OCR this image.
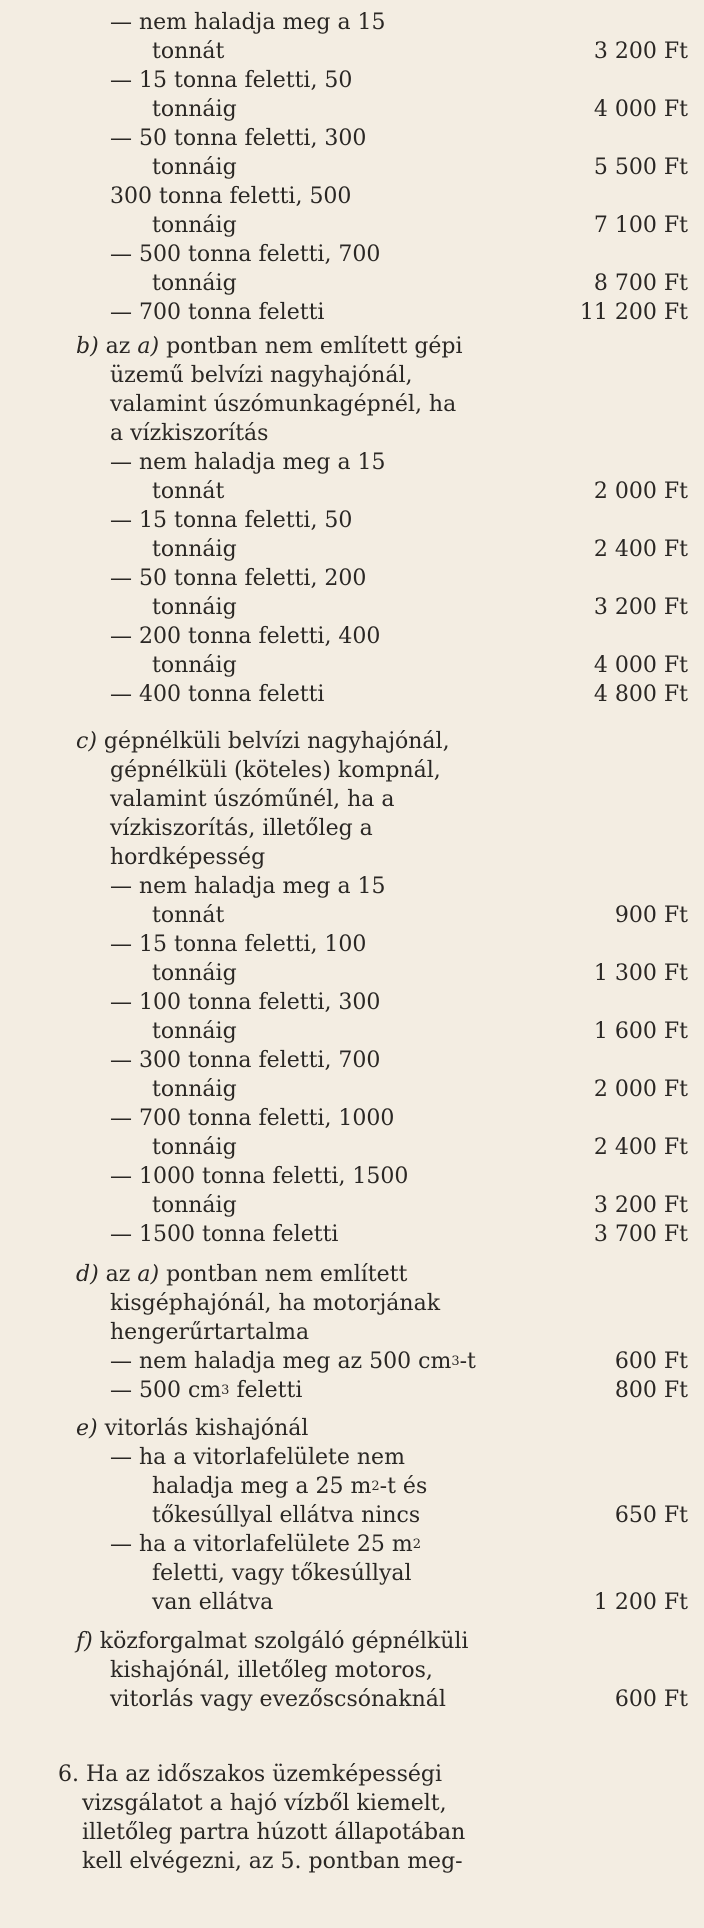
— nem haladja meg a 15
tonnát	3 200 Ft
— 15 tonna feletti, 50
tonnáig	4 000 Ft
— 50 tonna feletti, 300
tonnáig	5 500 Ft
300 tonna feletti, 500
tonnáig	7 100 Ft
— 500 tonna feletti, 700
tonnáig	8 700 Ft
— 700 tonna feletti	11 200 Ft
b) az a) pontban nem említett gépi
üzemű belvízi nagyhajónál,
valamint úszómunkagépnél, ha
a vízkiszorítás
— nem haladja meg a 15
tonnát	2 000 Ft
— 15 tonna feletti, 50
tonnáig	2 400 Ft
— 50 tonna feletti, 200
tonnáig	3 200 Ft
— 200 tonna feletti, 400
tonnáig	4 000 Ft
— 400 tonna feletti	4 800 Ft
c) gépnélküli belvízi nagyhajónál,
gépnélküli (köteles) kompnál,
valamint úszóműnél, ha a
vízkiszorítás, illetőleg a
hordképesség
— nem haladja meg a 15
tonnát	900 Ft
— 15 tonna feletti, 100
tonnáig	1 300 Ft
— 100 tonna feletti, 300
tonnáig	1 600 Ft
— 300 tonna feletti, 700
tonnáig	2 000 Ft
— 700 tonna feletti, 1000
tonnáig	2 400 Ft
— 1000 tonna feletti, 1500
tonnáig	3 200 Ft
— 1500 tonna feletti	3 700 Ft
d) az a) pontban nem említett
kisgéphajónál, ha motorjának
hengerűrtartalma
— nem haladja meg az 500 $cm^3-t$	600 Ft
— 500 $cm^3$ feletti	800 Ft
e) vitorlás kishajónál
— ha a vitorlafelülete nem
haladja meg a 25 $m^2-t$ és
tőkesúllyal ellátva nincs	650 Ft
— ha a vitorlafelülete 25 $m^2$
feletti, vagy tőkesúllyal
van ellátva	1 200 Ft
f) közforgalmat szolgáló gépnélküli
kishajónál, illetőleg motoros,
vitorlás vagy evezőscsónaknál	600 Ft
6. Ha az időszakos üzemképességi
vizsgálatot a hajó vízből kiemelt,
illetőleg partra húzott állapotában
kell elvégezni, az 5. pontban meg-
